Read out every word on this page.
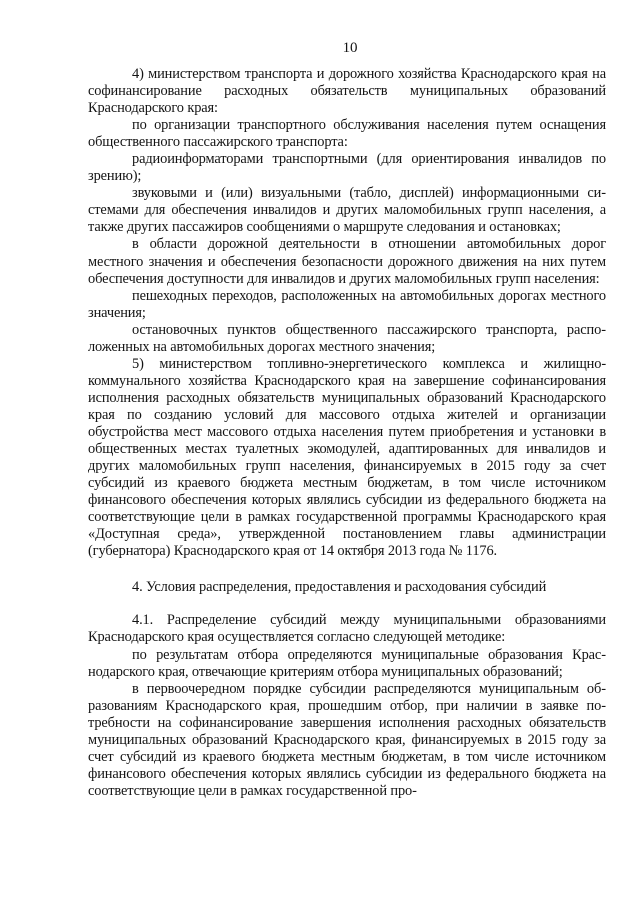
10

4) министерством транспорта и дорожного хозяйства Краснодарского края на софинансирование расходных обязательств муниципальных образований Краснодарского края:

по организации транспортного обслуживания населения путем оснащения общественного пассажирского транспорта:

радиоинформаторами транспортными (для ориентирования инвалидов по зрению);

звуковыми и (или) визуальными (табло, дисплей) информационными системами для обеспечения инвалидов и других маломобильных групп населения, а также других пассажиров сообщениями о маршруте следования и остановках;

в области дорожной деятельности в отношении автомобильных дорог местного значения и обеспечения безопасности дорожного движения на них путем обеспечения доступности для инвалидов и других маломобильных групп населения:

пешеходных переходов, расположенных на автомобильных дорогах местного значения;

остановочных пунктов общественного пассажирского транспорта, расположенных на автомобильных дорогах местного значения;

5) министерством топливно-энергетического комплекса и жилищно-коммунального хозяйства Краснодарского края на завершение софинансирования исполнения расходных обязательств муниципальных образований Краснодарского края по созданию условий для массового отдыха жителей и организации обустройства мест массового отдыха населения путем приобретения и установки в общественных местах туалетных экомодулей, адаптированных для инвалидов и других маломобильных групп населения, финансируемых в 2015 году за счет субсидий из краевого бюджета местным бюджетам, в том числе источником финансового обеспечения которых являлись субсидии из федерального бюджета на соответствующие цели в рамках государственной программы Краснодарского края «Доступная среда», утвержденной постановлением главы администрации (губернатора) Краснодарского края от 14 октября 2013 года № 1176.

4. Условия распределения, предоставления и расходования субсидий

4.1. Распределение субсидий между муниципальными образованиями Краснодарского края осуществляется согласно следующей методике:

по результатам отбора определяются муниципальные образования Краснодарского края, отвечающие критериям отбора муниципальных образований;

в первоочередном порядке субсидии распределяются муниципальным образованиям Краснодарского края, прошедшим отбор, при наличии в заявке потребности на софинансирование завершения исполнения расходных обязательств муниципальных образований Краснодарского края, финансируемых в 2015 году за счет субсидий из краевого бюджета местным бюджетам, в том числе источником финансового обеспечения которых являлись субсидии из федерального бюджета на соответствующие цели в рамках государственной про-
